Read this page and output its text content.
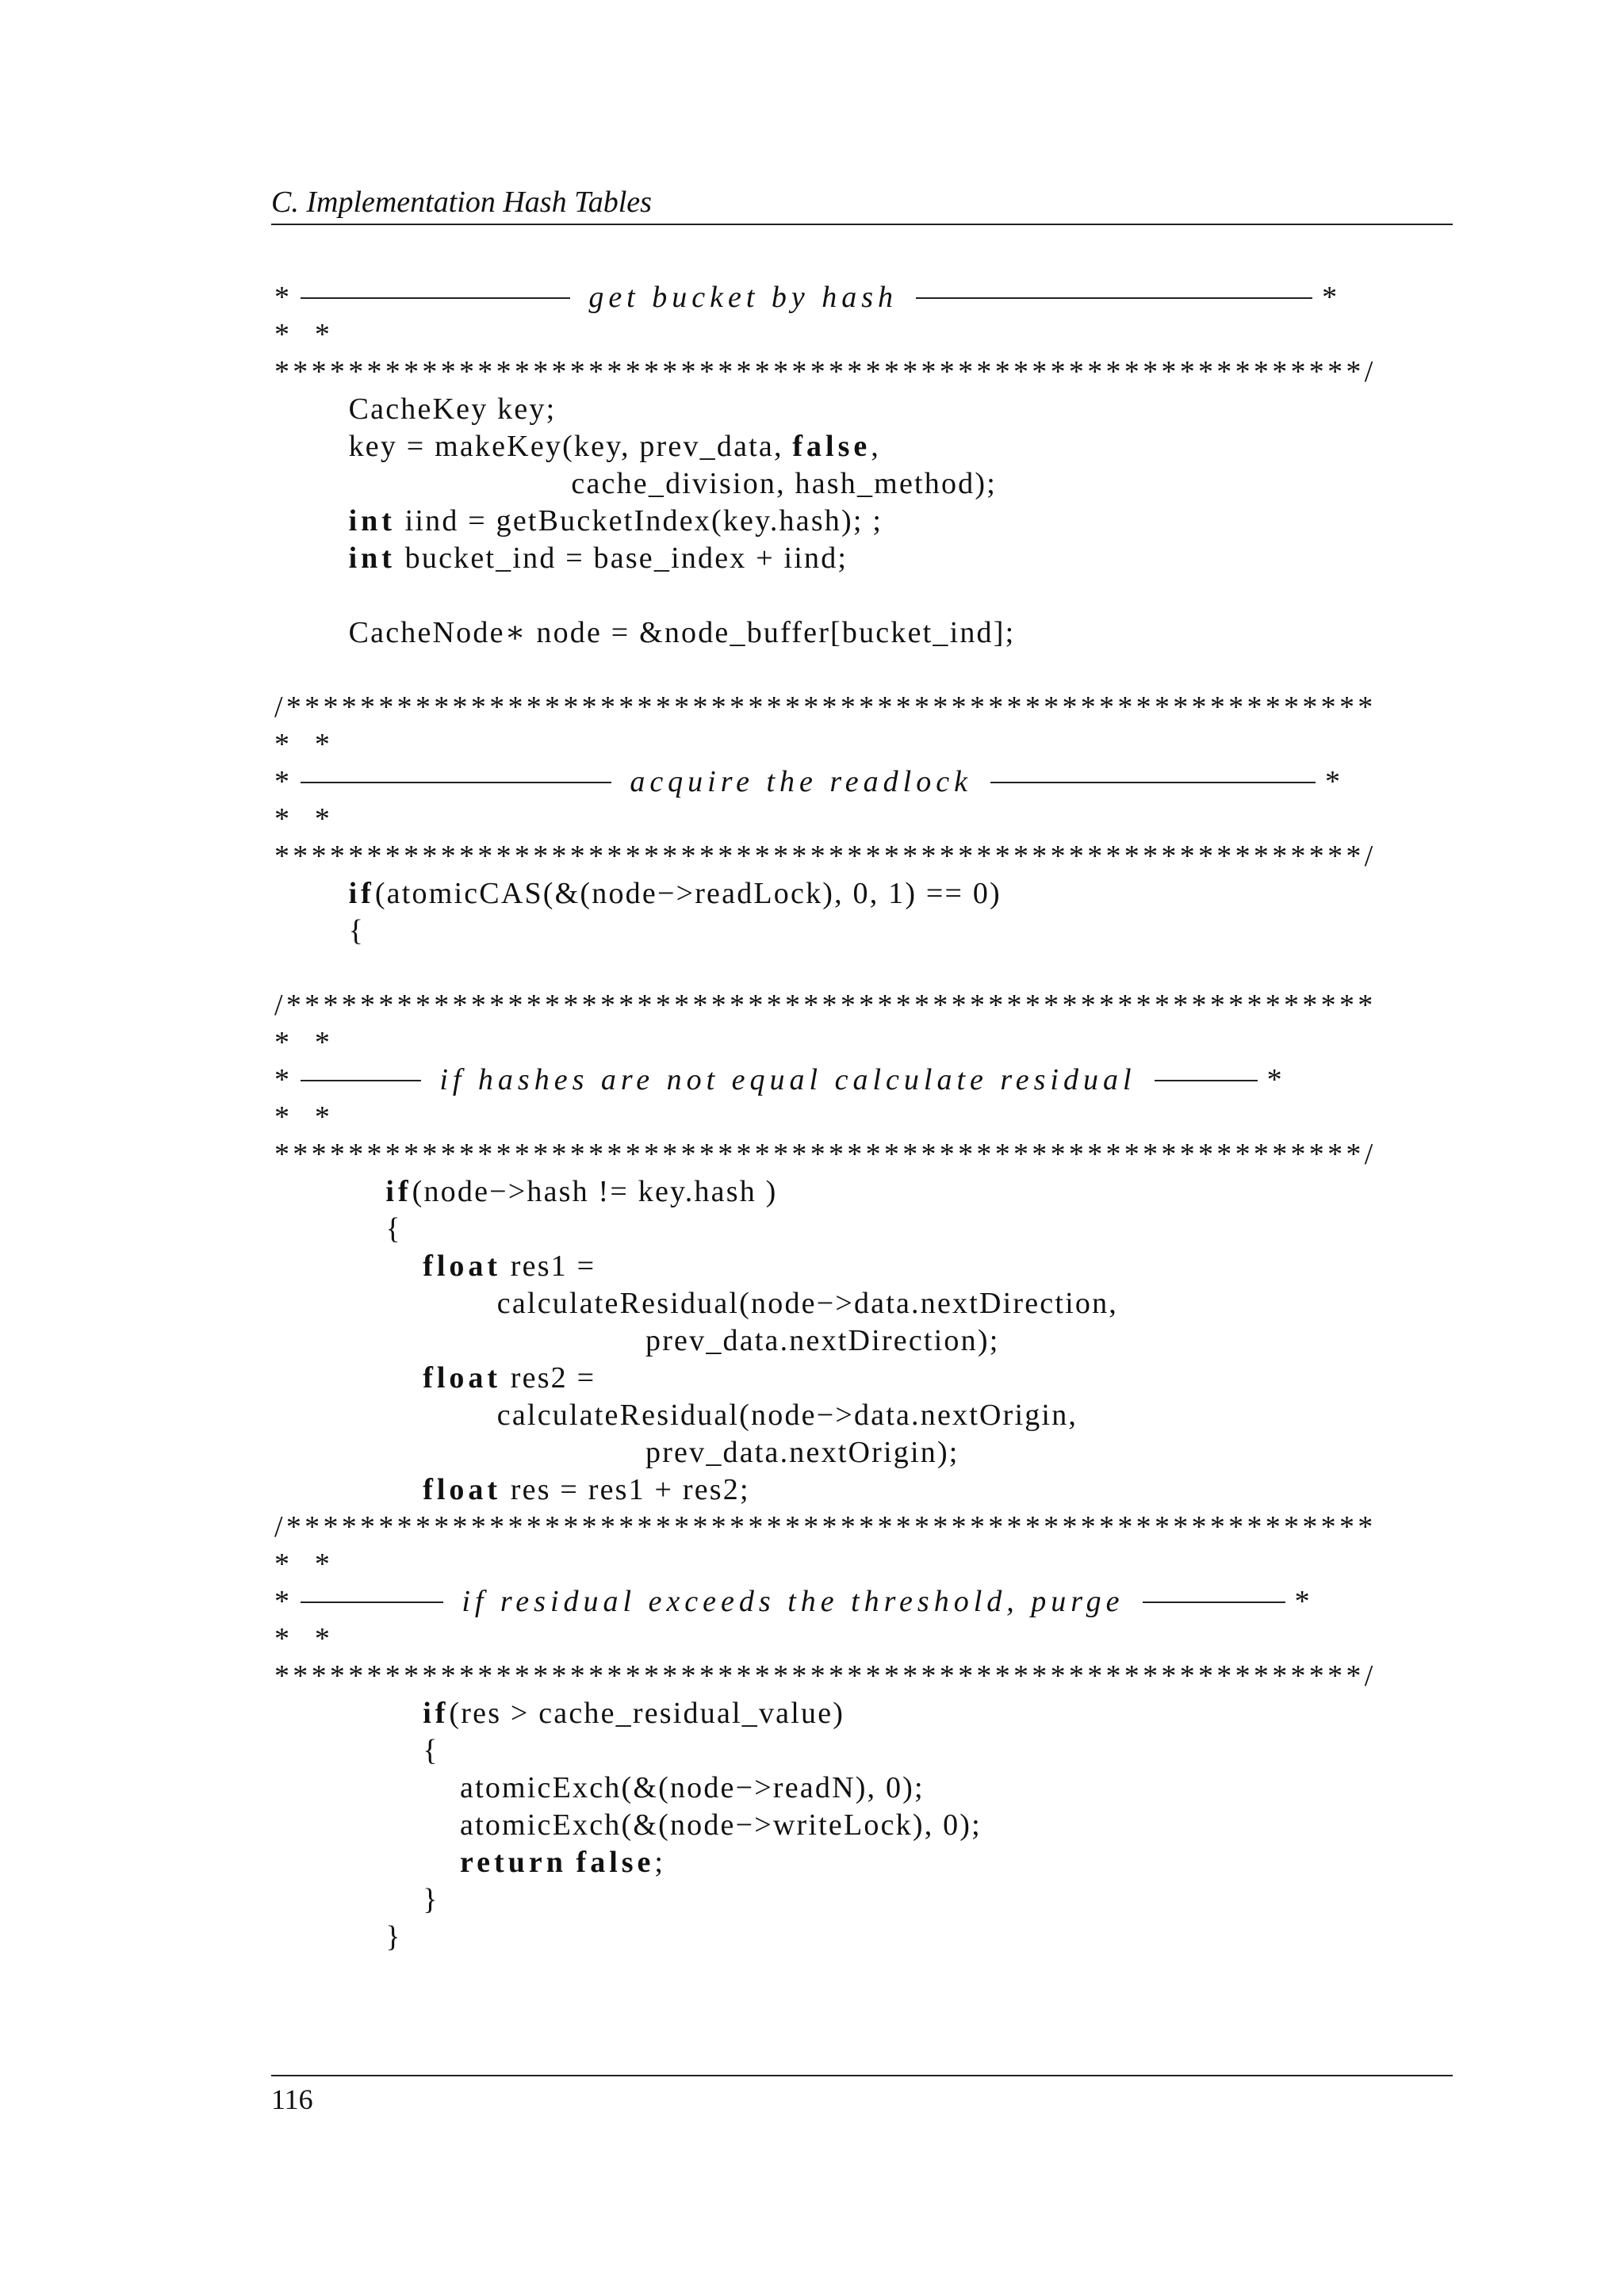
C. Implementation Hash Tables
*	get bucket by hash	*
*  *
***********************************************************/
CacheKey key;
key = makeKey(key, prev_data, false,
cache_division, hash_method);
int iind = getBucketIndex(key.hash); ;
int bucket_ind = base_index + iind;
CacheNode∗ node = &node_buffer[bucket_ind];
/***********************************************************
*  *
*	acquire the readlock	*
*  *
***********************************************************/
if(atomicCAS(&(node−>readLock), 0, 1) == 0)
{
/***********************************************************
*  *
*	if hashes are not equal calculate residual	*
*  *
***********************************************************/
if(node−>hash != key.hash )
{
float res1 =
calculateResidual(node−>data.nextDirection,
prev_data.nextDirection);
float res2 =
calculateResidual(node−>data.nextOrigin,
prev_data.nextOrigin);
float res = res1 + res2;
/***********************************************************
*  *
*	if residual exceeds the threshold, purge	*
*  *
***********************************************************/
if(res > cache_residual_value)
{
atomicExch(&(node−>readN), 0);
atomicExch(&(node−>writeLock), 0);
return false;
}
}
116
